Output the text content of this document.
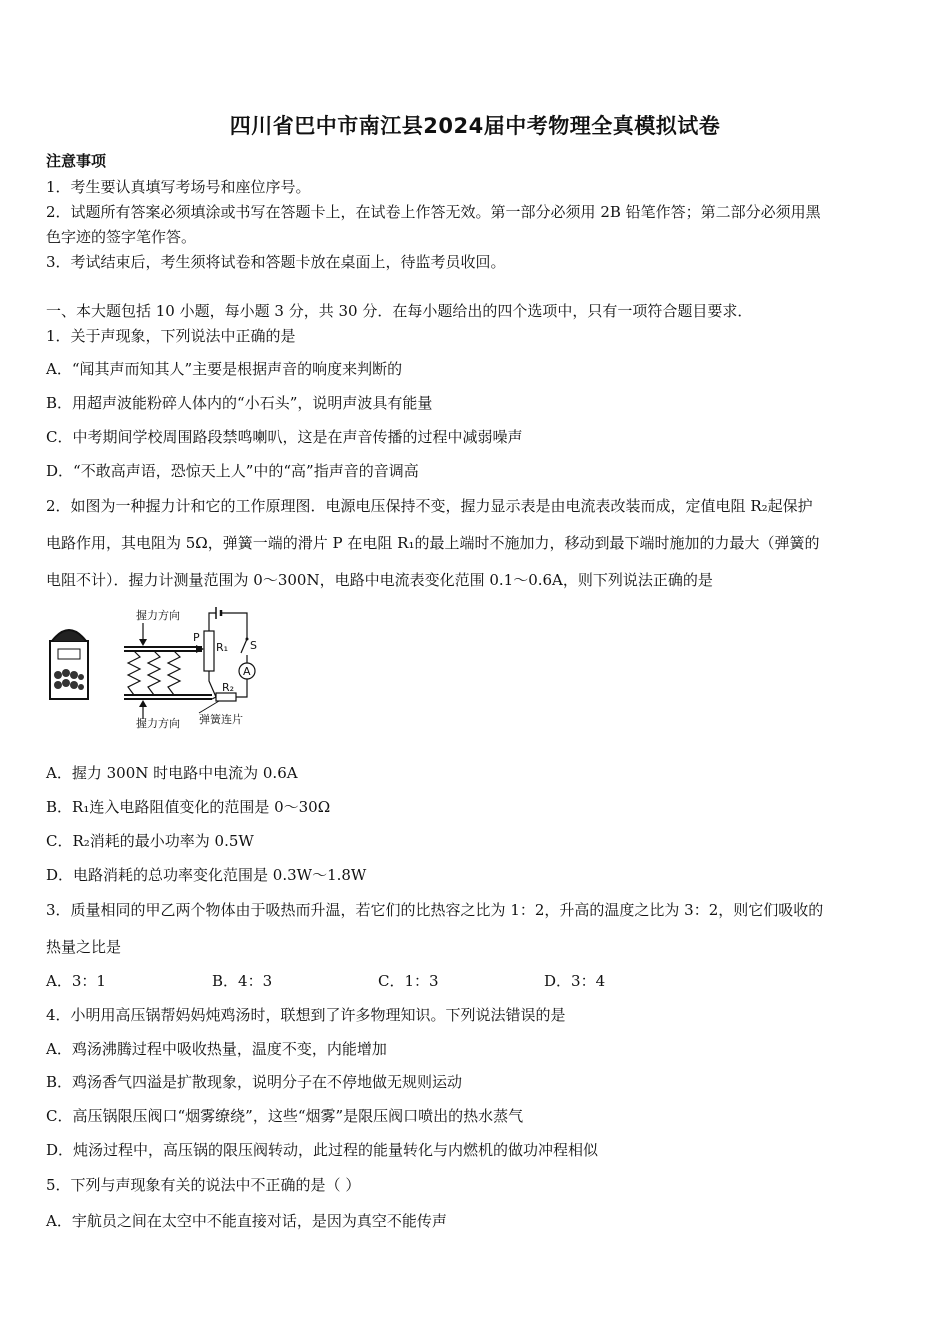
四川省巴中市南江县2024届中考物理全真模拟试卷
注意事项
1．考生要认真填写考场号和座位序号。
2．试题所有答案必须填涂或书写在答题卡上，在试卷上作答无效。第一部分必须用 2B 铅笔作答；第二部分必须用黑
色字迹的签字笔作答。
3．考试结束后，考生须将试卷和答题卡放在桌面上，待监考员收回。
一、本大题包括 10 小题，每小题 3 分，共 30 分．在每小题给出的四个选项中，只有一项符合题目要求．
1．关于声现象，下列说法中正确的是
A．“闻其声而知其人”主要是根据声音的响度来判断的
B．用超声波能粉碎人体内的“小石头”，说明声波具有能量
C．中考期间学校周围路段禁鸣喇叭，这是在声音传播的过程中减弱噪声
D．“不敢高声语，恐惊天上人”中的“高”指声音的音调高
2．如图为一种握力计和它的工作原理图．电源电压保持不变，握力显示表是由电流表改装而成，定值电阻 R₂起保护
电路作用，其电阻为 5Ω，弹簧一端的滑片 P 在电阻 R₁的最上端时不施加力，移动到最下端时施加的力最大（弹簧的
电阻不计）．握力计测量范围为 0～300N，电路中电流表变化范围 0.1～0.6A，则下列说法正确的是
握力方向
握力方向 弹簧连片
P
R₁
R₂
S
A
A．握力 300N 时电路中电流为 0.6A
B．R₁连入电路阻值变化的范围是 0～30Ω
C．R₂消耗的最小功率为 0.5W
D．电路消耗的总功率变化范围是 0.3W～1.8W
3．质量相同的甲乙两个物体由于吸热而升温，若它们的比热容之比为 1：2，升高的温度之比为 3：2，则它们吸收的
热量之比是
A．3：1	B．4：3	C．1：3	D．3：4
4．小明用高压锅帮妈妈炖鸡汤时，联想到了许多物理知识。下列说法错误的是
A．鸡汤沸腾过程中吸收热量，温度不变，内能增加
B．鸡汤香气四溢是扩散现象，说明分子在不停地做无规则运动
C．高压锅限压阀口“烟雾缭绕”，这些“烟雾”是限压阀口喷出的热水蒸气
D．炖汤过程中，高压锅的限压阀转动，此过程的能量转化与内燃机的做功冲程相似
5．下列与声现象有关的说法中不正确的是（ ）
A．宇航员之间在太空中不能直接对话，是因为真空不能传声
